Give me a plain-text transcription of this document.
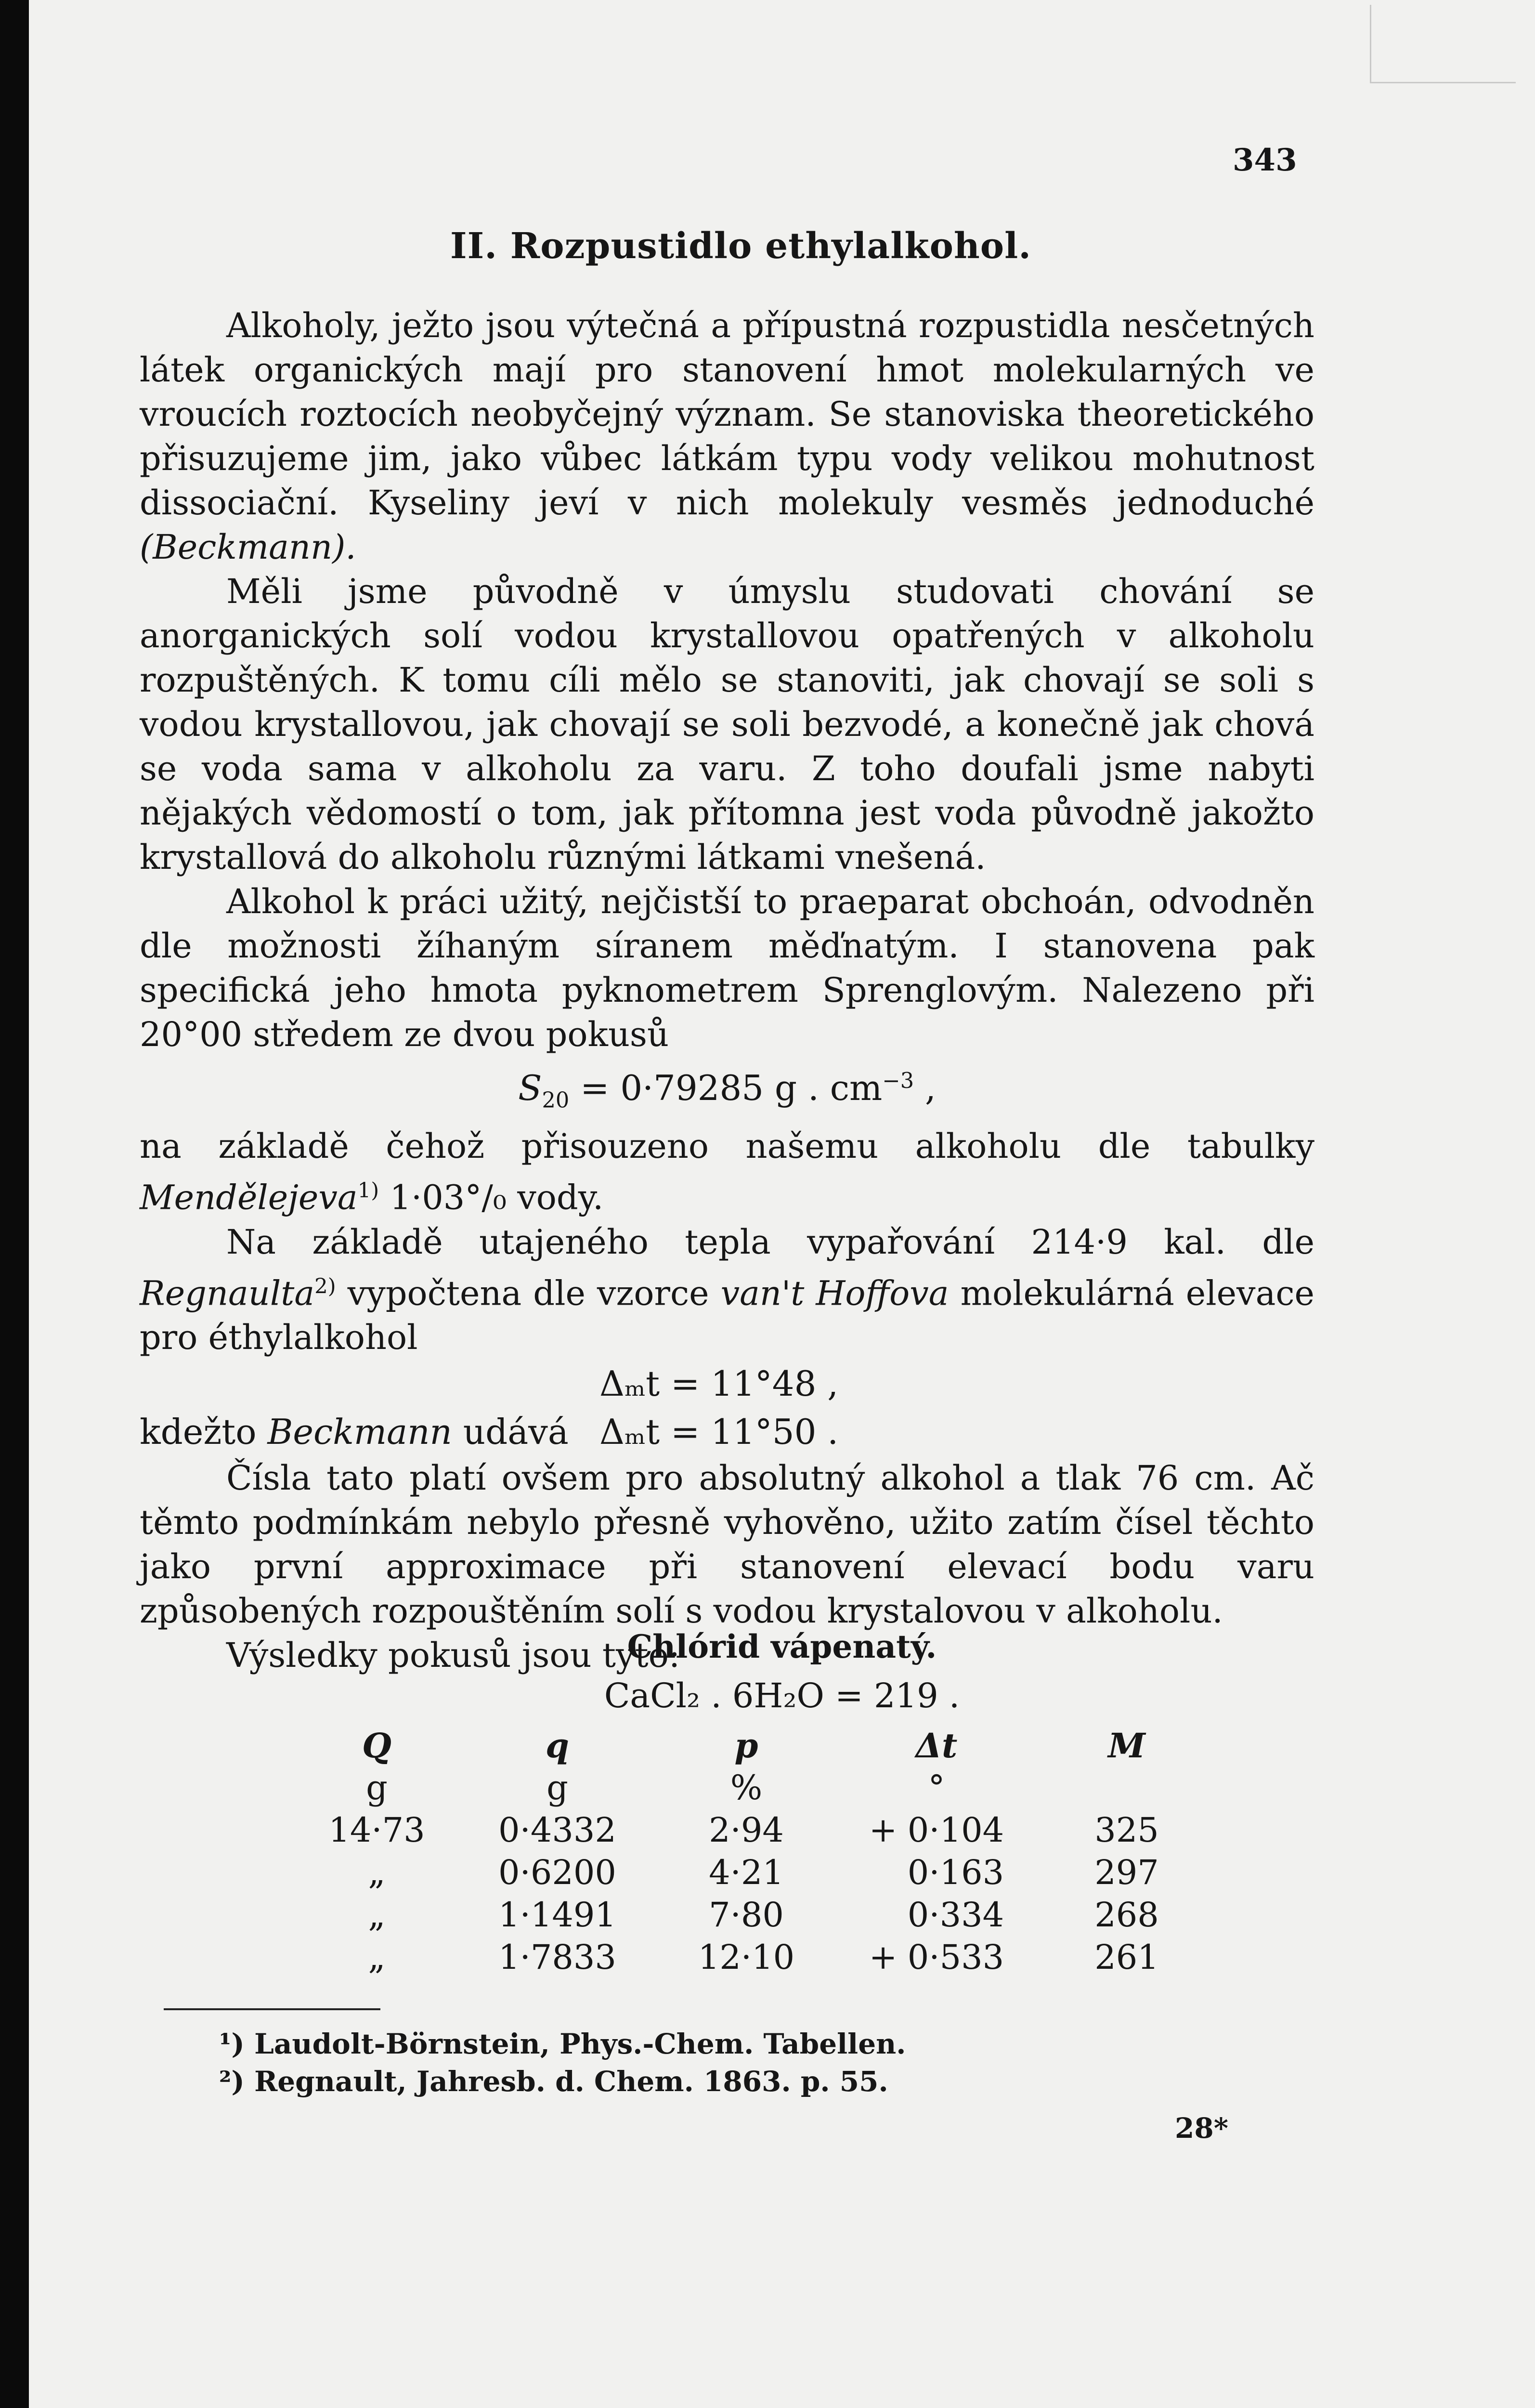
343
II. Rozpustidlo ethylalkohol.

Alkoholy, ježto jsou výtečná a přípustná rozpustidla nesčetných látek organických mají pro stanovení hmot molekularných ve vroucích roztocích neobyčejný význam. Se stanoviska theoretického přisuzujeme jim, jako vůbec látkám typu vody velikou mohutnost dissociační. Kyseliny jeví v nich molekuly vesměs jednoduché (Beckmann).

Měli jsme původně v úmyslu studovati chování se anorganických solí vodou krystallovou opatřených v alkoholu rozpuštěných. K tomu cíli mělo se stanoviti, jak chovají se soli s vodou krystallovou, jak chovají se soli bezvodé, a konečně jak chová se voda sama v alkoholu za varu. Z toho doufali jsme nabyti nějakých vědomostí o tom, jak přítomna jest voda původně jakožto krystallová do alkoholu různými látkami vnešená.

Alkohol k práci užitý, nejčistší to praeparat obchoán, odvodněn dle možnosti žíhaným síranem měďnatým. I stanovena pak specifická jeho hmota pyknometrem Sprenglovým. Nalezeno při 20°00 středem ze dvou pokusů

$S_{20} = 0\cdot 79285$ g . $cm^{-3}$ ,

na základě čehož přisouzeno našemu alkoholu dle tabulky Mendělejeva$^{1)}$ 1·03°/₀ vody.

Na základě utajeného tepla vypařování 214·9 kal. dle Regnaulta$^{2)}$ vypočtena dle vzorce van't Hoffova molekulárná elevace pro éthylalkohol

Δₘt = 11°48 ,
kdežto Beckmann udává Δₘt = 11°50 .

Čísla tato platí ovšem pro absolutný alkohol a tlak 76 cm. Ač těmto podmínkám nebylo přesně vyhověno, užito zatím čísel těchto jako první approximace při stanovení elevací bodu varu způsobených rozpouštěním solí s vodou krystalovou v alkoholu.

Výsledky pokusů jsou tyto:

Chlórid vápenatý.
CaCl₂ . 6H₂O = 219 .
Q	q	p	Δt	M
g	g	%	°	
14·73	0·4332	2·94	+ 0·104	325
„	0·6200	4·21	0·163	297
„	1·1491	7·80	0·334	268
„	1·7833	12·10	+ 0·533	261
¹) Laudolt-Börnstein, Phys.-Chem. Tabellen.
²) Regnault, Jahresb. d. Chem. 1863. p. 55.
28*
